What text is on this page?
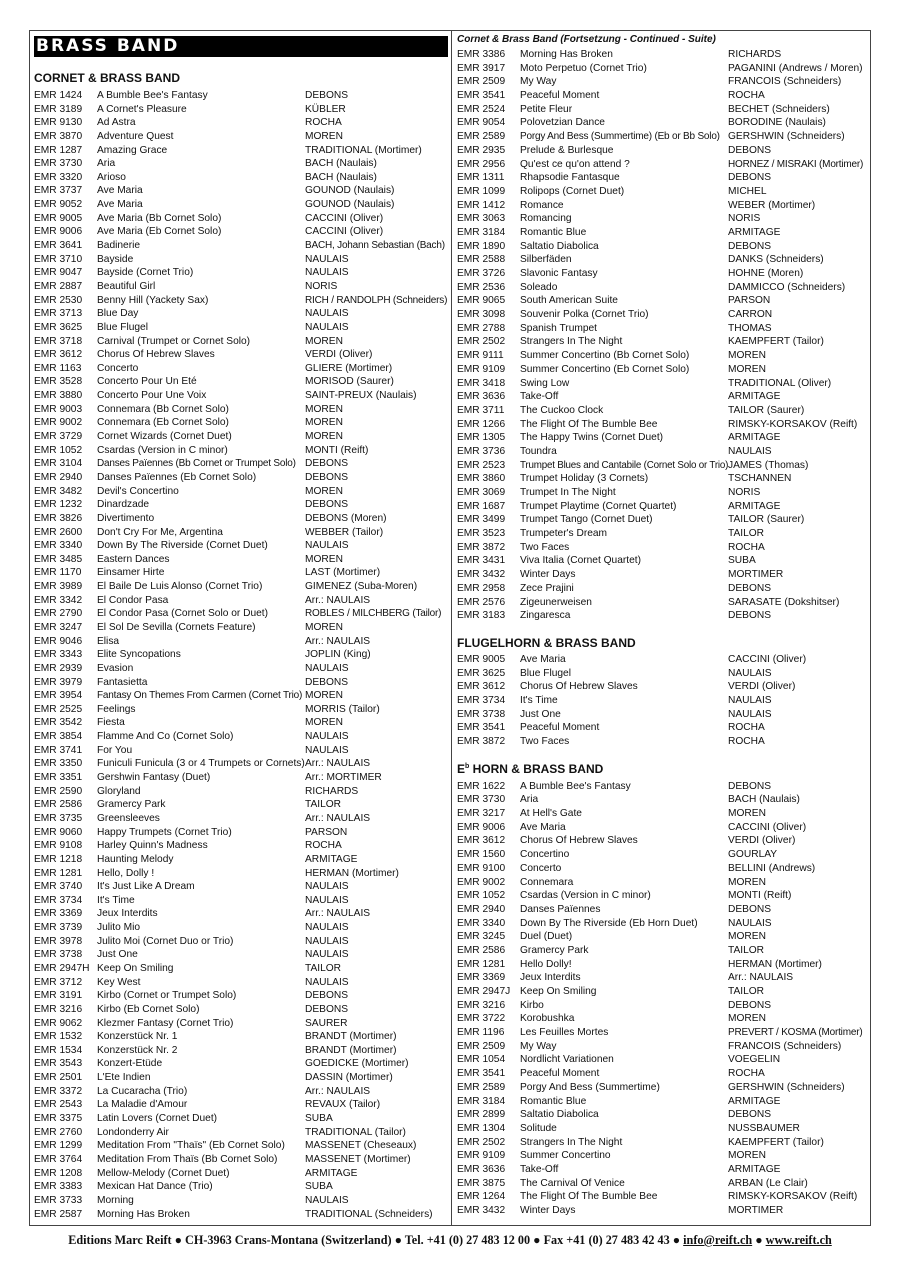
BRASS BAND
CORNET & BRASS BAND
EMR 1424	A Bumble Bee's Fantasy	DEBONS
EMR 3189	A Cornet's Pleasure	KÜBLER
EMR 9130	Ad Astra	ROCHA
EMR 3870	Adventure Quest	MOREN
EMR 1287	Amazing Grace	TRADITIONAL (Mortimer)
EMR 3730	Aria	BACH (Naulais)
EMR 3320	Arioso	BACH (Naulais)
EMR 3737	Ave Maria	GOUNOD (Naulais)
EMR 9052	Ave Maria	GOUNOD (Naulais)
EMR 9005	Ave Maria (Bb Cornet Solo)	CACCINI (Oliver)
EMR 9006	Ave Maria (Eb Cornet Solo)	CACCINI (Oliver)
EMR 3641	Badinerie	BACH, Johann Sebastian (Bach)
EMR 3710	Bayside	NAULAIS
EMR 9047	Bayside (Cornet Trio)	NAULAIS
EMR 2887	Beautiful Girl	NORIS
EMR 2530	Benny Hill (Yackety Sax)	RICH / RANDOLPH (Schneiders)
EMR 3713	Blue Day	NAULAIS
EMR 3625	Blue Flugel	NAULAIS
EMR 3718	Carnival (Trumpet or Cornet Solo)	MOREN
EMR 3612	Chorus Of Hebrew Slaves	VERDI (Oliver)
EMR 1163	Concerto	GLIERE (Mortimer)
EMR 3528	Concerto Pour Un Eté	MORISOD (Saurer)
EMR 3880	Concerto Pour Une Voix	SAINT-PREUX (Naulais)
EMR 9003	Connemara (Bb Cornet Solo)	MOREN
EMR 9002	Connemara (Eb Cornet Solo)	MOREN
EMR 3729	Cornet Wizards (Cornet Duet)	MOREN
EMR 1052	Csardas (Version in C minor)	MONTI (Reift)
EMR 3104	Danses Païennes (Bb Cornet or Trumpet Solo) DEBONS
EMR 2940	Danses Païennes (Eb Cornet Solo)	DEBONS
EMR 3482	Devil's Concertino	MOREN
EMR 1232	Dinardzade	DEBONS
EMR 3826	Divertimento	DEBONS (Moren)
EMR 2600	Don't Cry For Me, Argentina	WEBBER (Tailor)
EMR 3340	Down By The Riverside (Cornet Duet)	NAULAIS
EMR 3485	Eastern Dances	MOREN
EMR 1170	Einsamer Hirte	LAST (Mortimer)
EMR 3989	El Baile De Luis Alonso (Cornet Trio)	GIMENEZ (Suba-Moren)
EMR 3342	El Condor Pasa	Arr.: NAULAIS
EMR 2790	El Condor Pasa (Cornet Solo or Duet)	ROBLES / MILCHBERG (Tailor)
EMR 3247	El Sol De Sevilla (Cornets Feature)	MOREN
EMR 9046	Elisa	Arr.: NAULAIS
EMR 3343	Elite Syncopations	JOPLIN (King)
EMR 2939	Evasion	NAULAIS
EMR 3979	Fantasietta	DEBONS
EMR 3954	Fantasy On Themes From Carmen (Cornet Trio) MOREN
EMR 2525	Feelings	MORRIS (Tailor)
EMR 3542	Fiesta	MOREN
EMR 3854	Flamme And Co (Cornet Solo)	NAULAIS
EMR 3741	For You	NAULAIS
EMR 3350	Funiculi Funicula (3 or 4 Trumpets or Cornets) Arr.: NAULAIS
EMR 3351	Gershwin Fantasy (Duet)	Arr.: MORTIMER
EMR 2590	Gloryland	RICHARDS
EMR 2586	Gramercy Park	TAILOR
EMR 3735	Greensleeves	Arr.: NAULAIS
EMR 9060	Happy Trumpets (Cornet Trio)	PARSON
EMR 9108	Harley Quinn's Madness	ROCHA
EMR 1218	Haunting Melody	ARMITAGE
EMR 1281	Hello, Dolly !	HERMAN (Mortimer)
EMR 3740	It's Just Like A Dream	NAULAIS
EMR 3734	It's Time	NAULAIS
EMR 3369	Jeux Interdits	Arr.: NAULAIS
EMR 3739	Julito Mio	NAULAIS
EMR 3978	Julito Moi (Cornet Duo or Trio)	NAULAIS
EMR 3738	Just One	NAULAIS
EMR 2947H Keep On Smiling	TAILOR
EMR 3712	Key West	NAULAIS
EMR 3191	Kirbo (Cornet or Trumpet Solo)	DEBONS
EMR 3216	Kirbo (Eb Cornet Solo)	DEBONS
EMR 9062	Klezmer Fantasy (Cornet Trio)	SAURER
EMR 1532	Konzerstück Nr. 1	BRANDT (Mortimer)
EMR 1534	Konzerstück Nr. 2	BRANDT (Mortimer)
EMR 3543	Konzert-Etüde	GOEDICKE (Mortimer)
EMR 2501	L'Ete Indien	DASSIN (Mortimer)
EMR 3372	La Cucaracha (Trio)	Arr.: NAULAIS
EMR 2543	La Maladie d'Amour	REVAUX (Tailor)
EMR 3375	Latin Lovers (Cornet Duet)	SUBA
EMR 2760	Londonderry Air	TRADITIONAL (Tailor)
EMR 1299	Meditation From "Thaïs" (Eb Cornet Solo)	MASSENET (Cheseaux)
EMR 3764	Meditation From Thaïs (Bb Cornet Solo)	MASSENET (Mortimer)
EMR 1208	Mellow-Melody (Cornet Duet)	ARMITAGE
EMR 3383	Mexican Hat Dance (Trio)	SUBA
EMR 3733	Morning	NAULAIS
EMR 2587	Morning Has Broken	TRADITIONAL (Schneiders)
Cornet & Brass Band (Fortsetzung - Continued - Suite)
EMR 3386	Morning Has Broken	RICHARDS
EMR 3917	Moto Perpetuo (Cornet Trio)	PAGANINI (Andrews / Moren)
EMR 2509	My Way	FRANCOIS (Schneiders)
EMR 3541	Peaceful Moment	ROCHA
EMR 2524	Petite Fleur	BECHET (Schneiders)
EMR 9054	Polovetzian Dance	BORODINE (Naulais)
EMR 2589	Porgy And Bess (Summertime) (Eb or Bb Solo) GERSHWIN (Schneiders)
EMR 2935	Prelude & Burlesque	DEBONS
EMR 2956	Qu'est ce qu'on attend ?	HORNEZ / MISRAKI (Mortimer)
EMR 1311	Rhapsodie Fantasque	DEBONS
EMR 1099	Rolipops (Cornet Duet)	MICHEL
EMR 1412	Romance	WEBER (Mortimer)
EMR 3063	Romancing	NORIS
EMR 3184	Romantic Blue	ARMITAGE
EMR 1890	Saltatio Diabolica	DEBONS
EMR 2588	Silberfäden	DANKS (Schneiders)
EMR 3726	Slavonic Fantasy	HOHNE (Moren)
EMR 2536	Soleado	DAMMICCO (Schneiders)
EMR 9065	South American Suite	PARSON
EMR 3098	Souvenir Polka (Cornet Trio)	CARRON
EMR 2788	Spanish Trumpet	THOMAS
EMR 2502	Strangers In The Night	KAEMPFERT (Tailor)
EMR 9111	Summer Concertino (Bb Cornet Solo)	MOREN
EMR 9109	Summer Concertino (Eb Cornet Solo)	MOREN
EMR 3418	Swing Low	TRADITIONAL (Oliver)
EMR 3636	Take-Off	ARMITAGE
EMR 3711	The Cuckoo Clock	TAILOR (Saurer)
EMR 1266	The Flight Of The Bumble Bee	RIMSKY-KORSAKOV (Reift)
EMR 1305	The Happy Twins (Cornet Duet)	ARMITAGE
EMR 3736	Toundra	NAULAIS
EMR 2523	Trumpet Blues and Cantabile (Cornet Solo or Trio) JAMES (Thomas)
EMR 3860	Trumpet Holiday (3 Cornets)	TSCHANNEN
EMR 3069	Trumpet In The Night	NORIS
EMR 1687	Trumpet Playtime (Cornet Quartet)	ARMITAGE
EMR 3499	Trumpet Tango (Cornet Duet)	TAILOR (Saurer)
EMR 3523	Trumpeter's Dream	TAILOR
EMR 3872	Two Faces	ROCHA
EMR 3431	Viva Italia (Cornet Quartet)	SUBA
EMR 3432	Winter Days	MORTIMER
EMR 2958	Zece Prajini	DEBONS
EMR 2576	Zigeunerweisen	SARASATE (Dokshitser)
EMR 3183	Zingaresca	DEBONS
FLUGELHORN & BRASS BAND
EMR 9005	Ave Maria	CACCINI (Oliver)
EMR 3625	Blue Flugel	NAULAIS
EMR 3612	Chorus Of Hebrew Slaves	VERDI (Oliver)
EMR 3734	It's Time	NAULAIS
EMR 3738	Just One	NAULAIS
EMR 3541	Peaceful Moment	ROCHA
EMR 3872	Two Faces	ROCHA
$E^b$ HORN & BRASS BAND
EMR 1622	A Bumble Bee's Fantasy	DEBONS
EMR 3730	Aria	BACH (Naulais)
EMR 3217	At Hell's Gate	MOREN
EMR 9006	Ave Maria	CACCINI (Oliver)
EMR 3612	Chorus Of Hebrew Slaves	VERDI (Oliver)
EMR 1560	Concertino	GOURLAY
EMR 9100	Concerto	BELLINI (Andrews)
EMR 9002	Connemara	MOREN
EMR 1052	Csardas (Version in C minor)	MONTI (Reift)
EMR 2940	Danses Païennes	DEBONS
EMR 3340	Down By The Riverside (Eb Horn Duet)	NAULAIS
EMR 3245	Duel (Duet)	MOREN
EMR 2586	Gramercy Park	TAILOR
EMR 1281	Hello Dolly!	HERMAN (Mortimer)
EMR 3369	Jeux Interdits	Arr.: NAULAIS
EMR 2947J Keep On Smiling	TAILOR
EMR 3216	Kirbo	DEBONS
EMR 3722	Korobushka	MOREN
EMR 1196	Les Feuilles Mortes	PREVERT / KOSMA (Mortimer)
EMR 2509	My Way	FRANCOIS (Schneiders)
EMR 1054	Nordlicht Variationen	VOEGELIN
EMR 3541	Peaceful Moment	ROCHA
EMR 2589	Porgy And Bess (Summertime)	GERSHWIN (Schneiders)
EMR 3184	Romantic Blue	ARMITAGE
EMR 2899	Saltatio Diabolica	DEBONS
EMR 1304	Solitude	NUSSBAUMER
EMR 2502	Strangers In The Night	KAEMPFERT (Tailor)
EMR 9109	Summer Concertino	MOREN
EMR 3636	Take-Off	ARMITAGE
EMR 3875	The Carnival Of Venice	ARBAN (Le Clair)
EMR 1264	The Flight Of The Bumble Bee	RIMSKY-KORSAKOV (Reift)
EMR 3432	Winter Days	MORTIMER
Editions Marc Reift ● CH-3963 Crans-Montana (Switzerland) ● Tel. +41 (0) 27 483 12 00 ● Fax +41 (0) 27 483 42 43 ● info@reift.ch ● www.reift.ch
